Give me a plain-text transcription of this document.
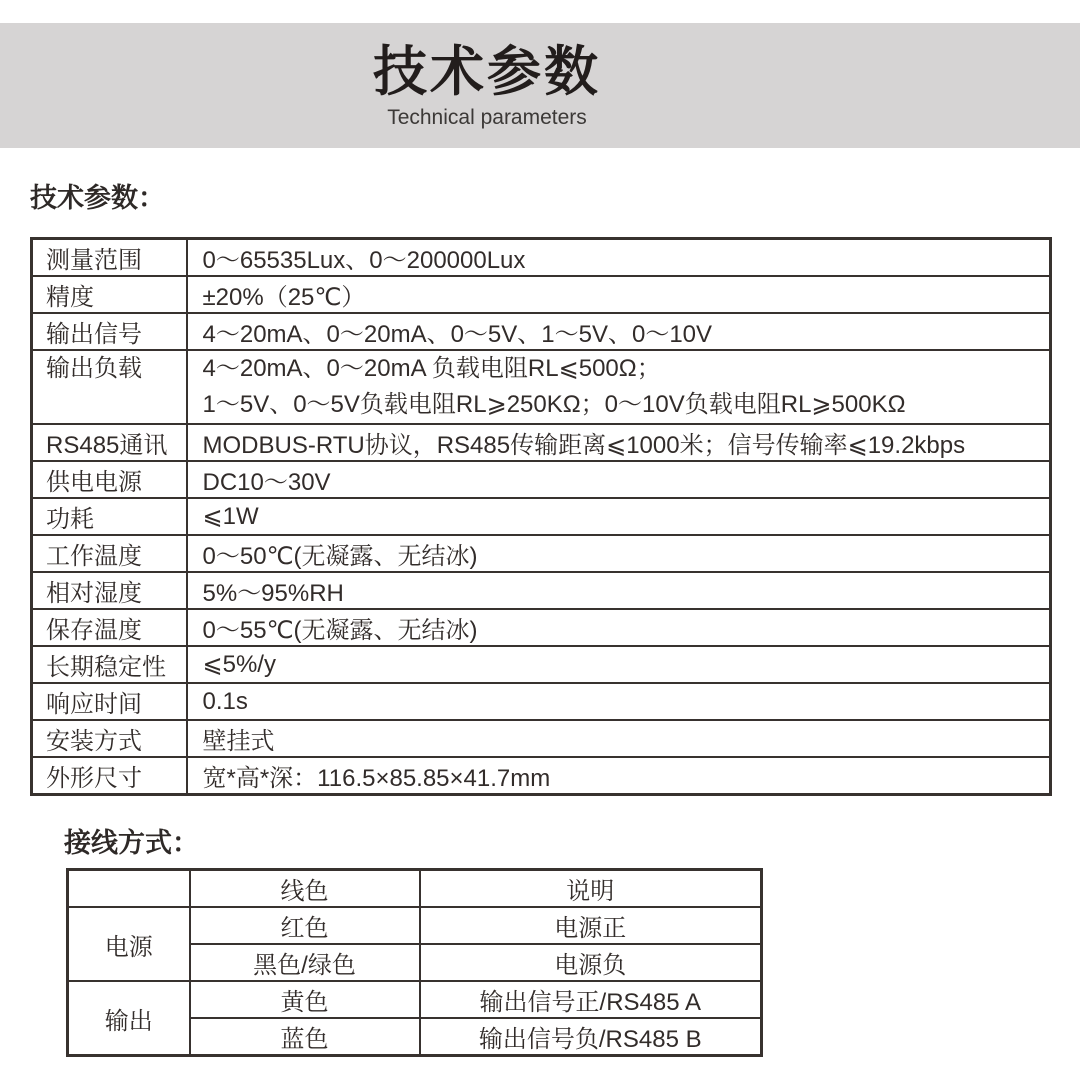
技术参数
Technical parameters
技术参数：
测量范围	0～65535Lux、0～200000Lux
精度	±20%（25℃）
输出信号	4～20mA、0～20mA、0～5V、1～5V、0～10V
输出负载	4～20mA、0～20mA 负载电阻RL⩽500Ω；
1～5V、0～5V负载电阻RL⩾250KΩ；0～10V负载电阻RL⩾500KΩ

RS485通讯	MODBUS-RTU协议，RS485传输距离⩽1000米；信号传输率⩽19.2kbps
供电电源	DC10～30V
功耗	⩽1W
工作温度	0～50℃(无凝露、无结冰)
相对湿度	5%～95%RH
保存温度	0～55℃(无凝露、无结冰)
长期稳定性	⩽5%/y
响应时间	0.1s
安装方式	壁挂式
外形尺寸	宽*高*深：116.5×85.85×41.7mm
接线方式：
	线色	说明
电源	红色	电源正
	黑色/绿色	电源负
输出	黄色	输出信号正/RS485 A
	蓝色	输出信号负/RS485 B
